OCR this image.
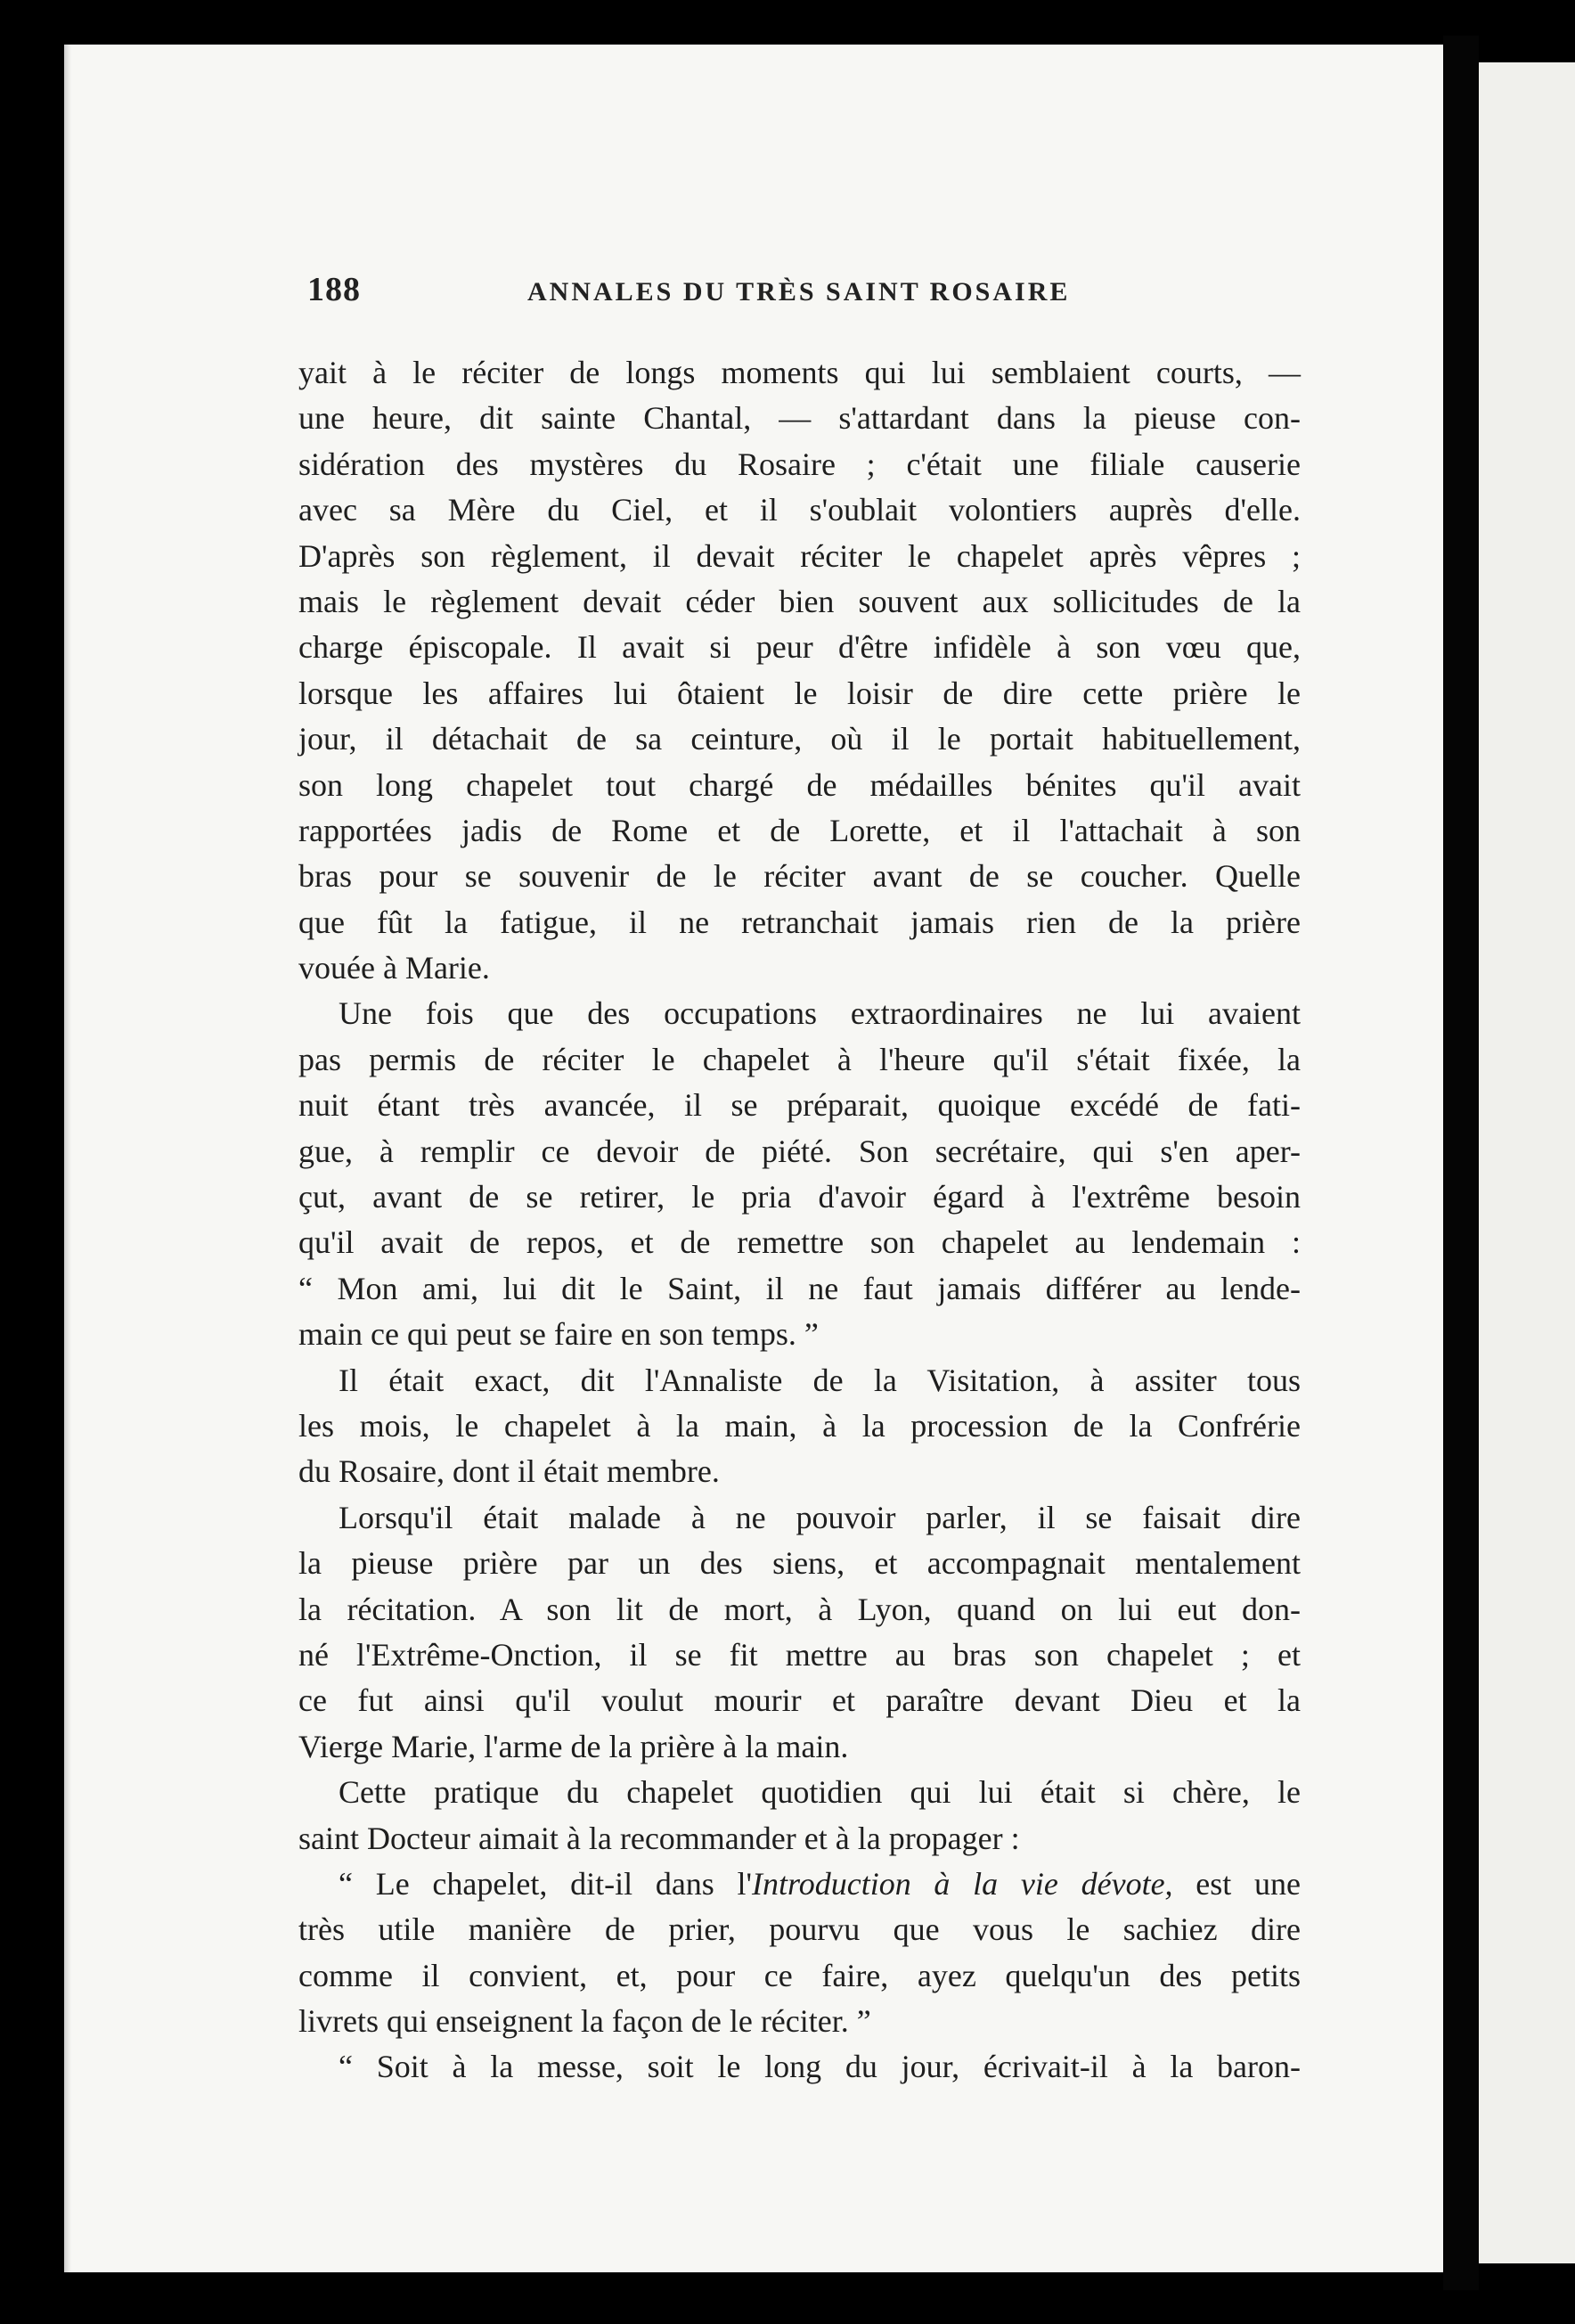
188	ANNALES DU TRÈS SAINT ROSAIRE
yait à le réciter de longs moments qui lui semblaient courts, —
une heure, dit sainte Chantal, — s'attardant dans la pieuse con-
sidération des mystères du Rosaire ; c'était une filiale causerie
avec sa Mère du Ciel, et il s'oublait volontiers auprès d'elle.
D'après son règlement, il devait réciter le chapelet après vêpres ;
mais le règlement devait céder bien souvent aux sollicitudes de la
charge épiscopale. Il avait si peur d'être infidèle à son vœu que,
lorsque les affaires lui ôtaient le loisir de dire cette prière le
jour, il détachait de sa ceinture, où il le portait habituellement,
son long chapelet tout chargé de médailles bénites qu'il avait
rapportées jadis de Rome et de Lorette, et il l'attachait à son
bras pour se souvenir de le réciter avant de se coucher. Quelle
que fût la fatigue, il ne retranchait jamais rien de la prière
vouée à Marie.
Une fois que des occupations extraordinaires ne lui avaient
pas permis de réciter le chapelet à l'heure qu'il s'était fixée, la
nuit étant très avancée, il se préparait, quoique excédé de fati-
gue, à remplir ce devoir de piété. Son secrétaire, qui s'en aper-
çut, avant de se retirer, le pria d'avoir égard à l'extrême besoin
qu'il avait de repos, et de remettre son chapelet au lendemain :
“ Mon ami, lui dit le Saint, il ne faut jamais différer au lende-
main ce qui peut se faire en son temps. ”
Il était exact, dit l'Annaliste de la Visitation, à assiter tous
les mois, le chapelet à la main, à la procession de la Confrérie
du Rosaire, dont il était membre.
Lorsqu'il était malade à ne pouvoir parler, il se faisait dire
la pieuse prière par un des siens, et accompagnait mentalement
la récitation. A son lit de mort, à Lyon, quand on lui eut don-
né l'Extrême-Onction, il se fit mettre au bras son chapelet ; et
ce fut ainsi qu'il voulut mourir et paraître devant Dieu et la
Vierge Marie, l'arme de la prière à la main.
Cette pratique du chapelet quotidien qui lui était si chère, le
saint Docteur aimait à la recommander et à la propager :
“ Le chapelet, dit-il dans l'Introduction à la vie dévote, est une
très utile manière de prier, pourvu que vous le sachiez dire
comme il convient, et, pour ce faire, ayez quelqu'un des petits
livrets qui enseignent la façon de le réciter. ”
“ Soit à la messe, soit le long du jour, écrivait-il à la baron-
